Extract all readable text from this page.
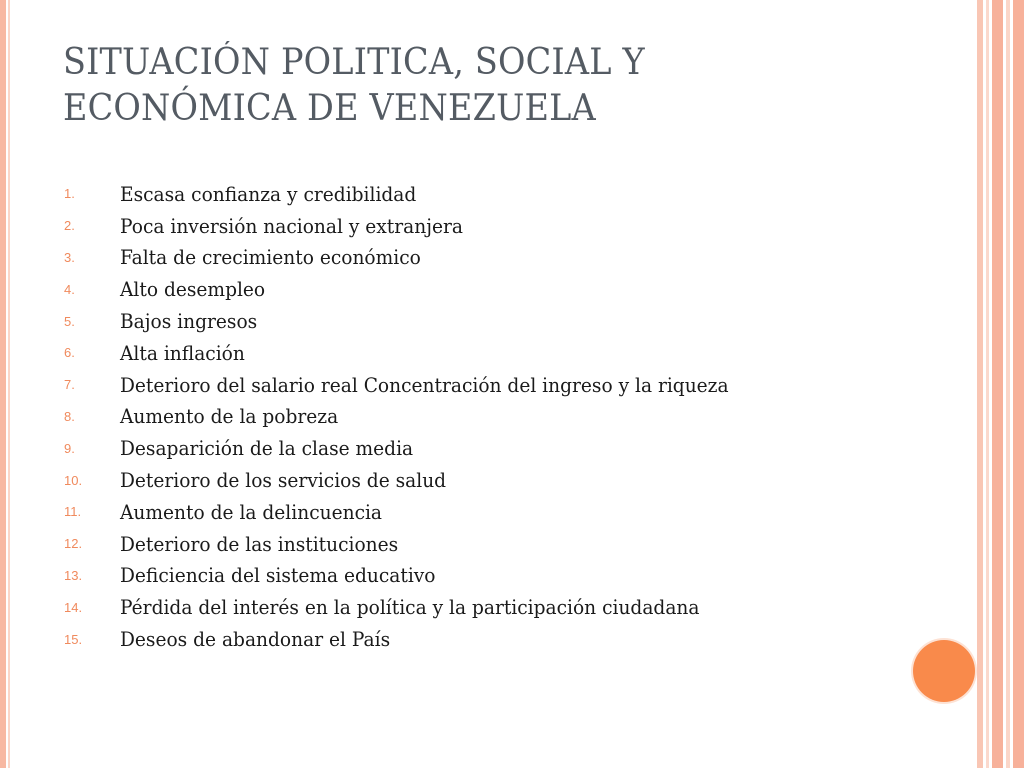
SITUACIÓN POLITICA, SOCIAL Y ECONÓMICA DE VENEZUELA
1.	Escasa confianza y credibilidad
2.	Poca inversión nacional y extranjera
3.	Falta de crecimiento económico
4.	Alto desempleo
5.	Bajos ingresos
6.	Alta inflación
7.	Deterioro del salario real Concentración del ingreso y la riqueza
8.	Aumento de la pobreza
9.	Desaparición de la clase media
10.	Deterioro de los servicios de salud
11.	Aumento de la delincuencia
12.	Deterioro de las instituciones
13.	Deficiencia del sistema educativo
14.	Pérdida del interés en la política y la participación ciudadana
15.	Deseos de abandonar el País
